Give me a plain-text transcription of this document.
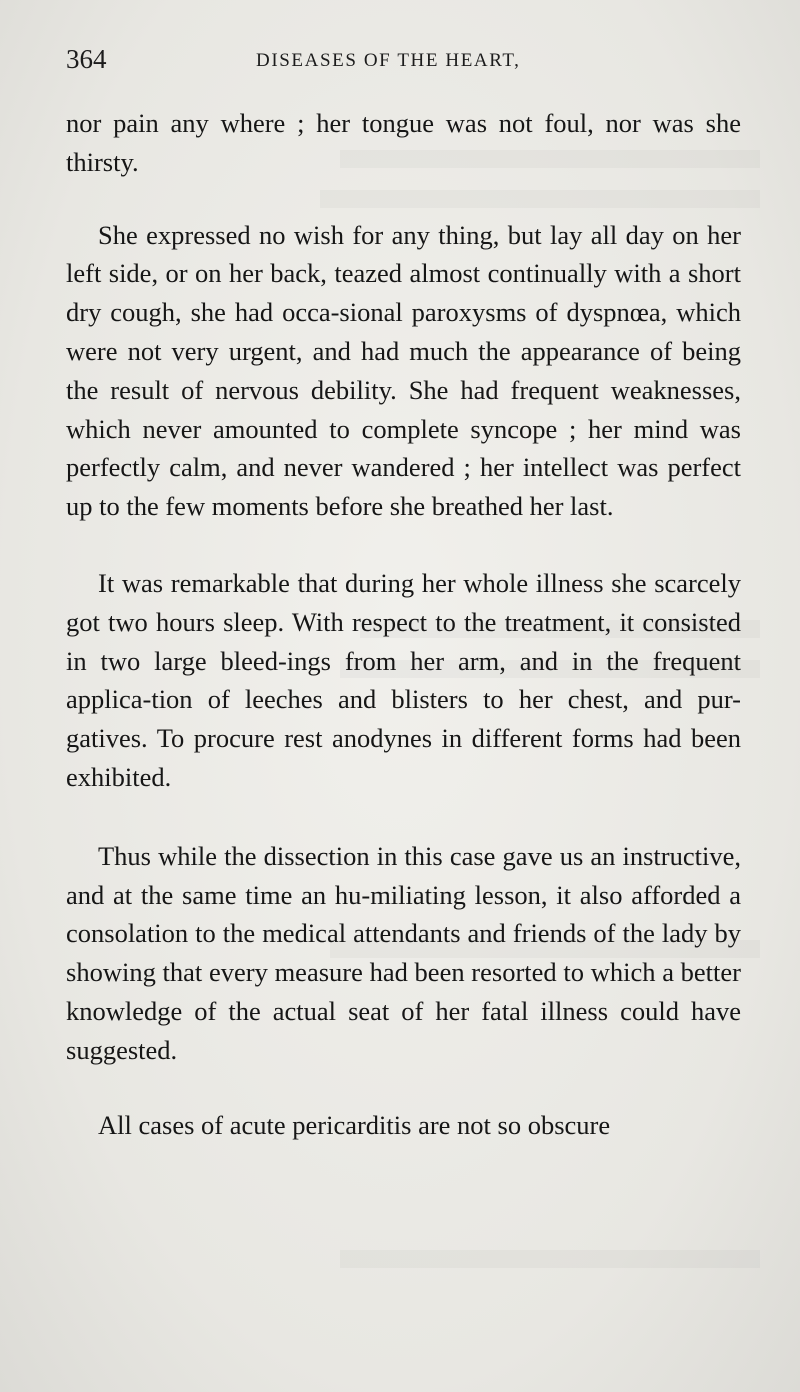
364	DISEASES OF THE HEART,

nor pain any where ; her tongue was not foul, nor was she thirsty.

She expressed no wish for any thing, but lay all day on her left side, or on her back, teazed almost continually with a short dry cough, she had occa-sional paroxysms of dyspnœa, which were not very urgent, and had much the appearance of being the result of nervous debility. She had frequent weaknesses, which never amounted to complete syncope ; her mind was perfectly calm, and never wandered ; her intellect was perfect up to the few moments before she breathed her last.

It was remarkable that during her whole illness she scarcely got two hours sleep. With respect to the treatment, it consisted in two large bleed-ings from her arm, and in the frequent applica-tion of leeches and blisters to her chest, and pur-gatives. To procure rest anodynes in different forms had been exhibited.

Thus while the dissection in this case gave us an instructive, and at the same time an hu-miliating lesson, it also afforded a consolation to the medical attendants and friends of the lady by showing that every measure had been resorted to which a better knowledge of the actual seat of her fatal illness could have suggested.

All cases of acute pericarditis are not so obscure
